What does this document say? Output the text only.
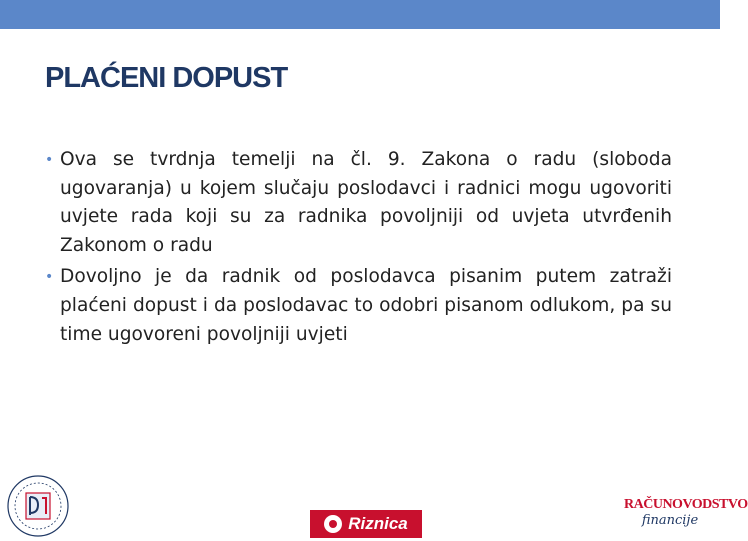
PLAĆENI DOPUST

• Ova se tvrdnja temelji na čl. 9. Zakona o radu (sloboda ugovaranja) u kojem slučaju poslodavci i radnici mogu ugovoriti uvjete rada koji su za radnika povoljniji od uvjeta utvrđenih Zakonom o radu

• Dovoljno je da radnik od poslodavca pisanim putem zatraži plaćeni dopust i da poslodavac to odobri pisanom odlukom, pa su time ugovoreni povoljniji uvjeti

Riznica
RAČUNOVODSTVO
financije
